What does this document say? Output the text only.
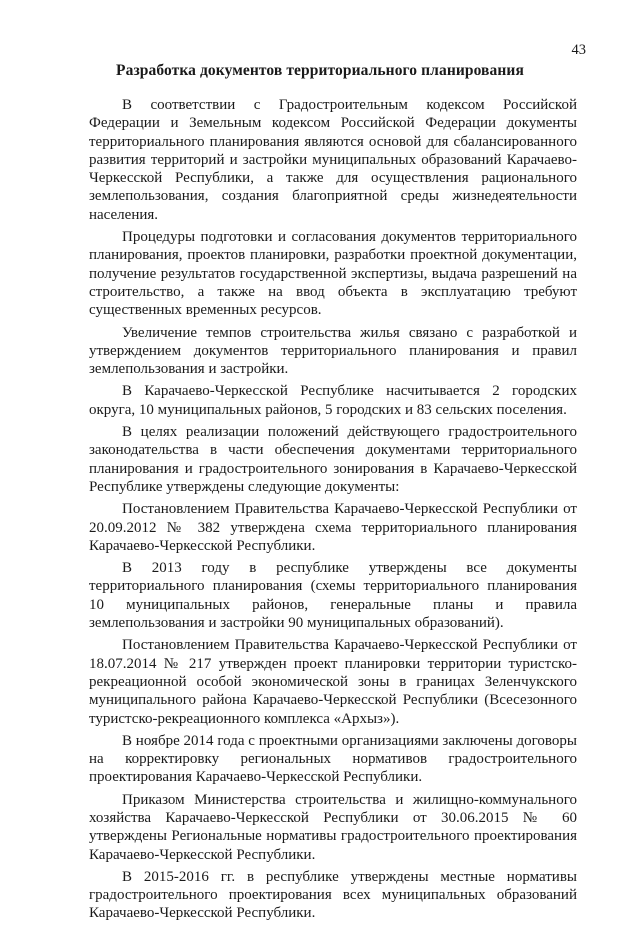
43
Разработка документов территориального планирования

В соответствии с Градостроительным кодексом Российской Федерации и Земельным кодексом Российской Федерации документы территориального планирования являются основой для сбалансированного развития территорий и застройки муниципальных образований Карачаево-Черкесской Республики, а также для осуществления рационального землепользования, создания благоприятной среды жизнедеятельности населения.

Процедуры подготовки и согласования документов территориального планирования, проектов планировки, разработки проектной документации, получение результатов государственной экспертизы, выдача разрешений на строительство, а также на ввод объекта в эксплуатацию требуют существенных временных ресурсов.

Увеличение темпов строительства жилья связано с разработкой и утверждением документов территориального планирования и правил землепользования и застройки.

В Карачаево-Черкесской Республике насчитывается 2 городских округа, 10 муниципальных районов, 5 городских и 83 сельских поселения.

В целях реализации положений действующего градостроительного законодательства в части обеспечения документами территориального планирования и градостроительного зонирования в Карачаево-Черкесской Республике утверждены следующие документы:

Постановлением Правительства Карачаево-Черкесской Республики от 20.09.2012 № 382 утверждена схема территориального планирования Карачаево-Черкесской Республики.

В 2013 году в республике утверждены все документы территориального планирования (схемы территориального планирования 10 муниципальных районов, генеральные планы и правила землепользования и застройки 90 муниципальных образований).

Постановлением Правительства Карачаево-Черкесской Республики от 18.07.2014 № 217 утвержден проект планировки территории туристско-рекреационной особой экономической зоны в границах Зеленчукского муниципального района Карачаево-Черкесской Республики (Всесезонного туристско-рекреационного комплекса «Архыз»).

В ноябре 2014 года с проектными организациями заключены договоры на корректировку региональных нормативов градостроительного проектирования Карачаево-Черкесской Республики.

Приказом Министерства строительства и жилищно-коммунального хозяйства Карачаево-Черкесской Республики от 30.06.2015 № 60 утверждены Региональные нормативы градостроительного проектирования Карачаево-Черкесской Республики.

В 2015-2016 гг. в республике утверждены местные нормативы градостроительного проектирования всех муниципальных образований Карачаево-Черкесской Республики.
